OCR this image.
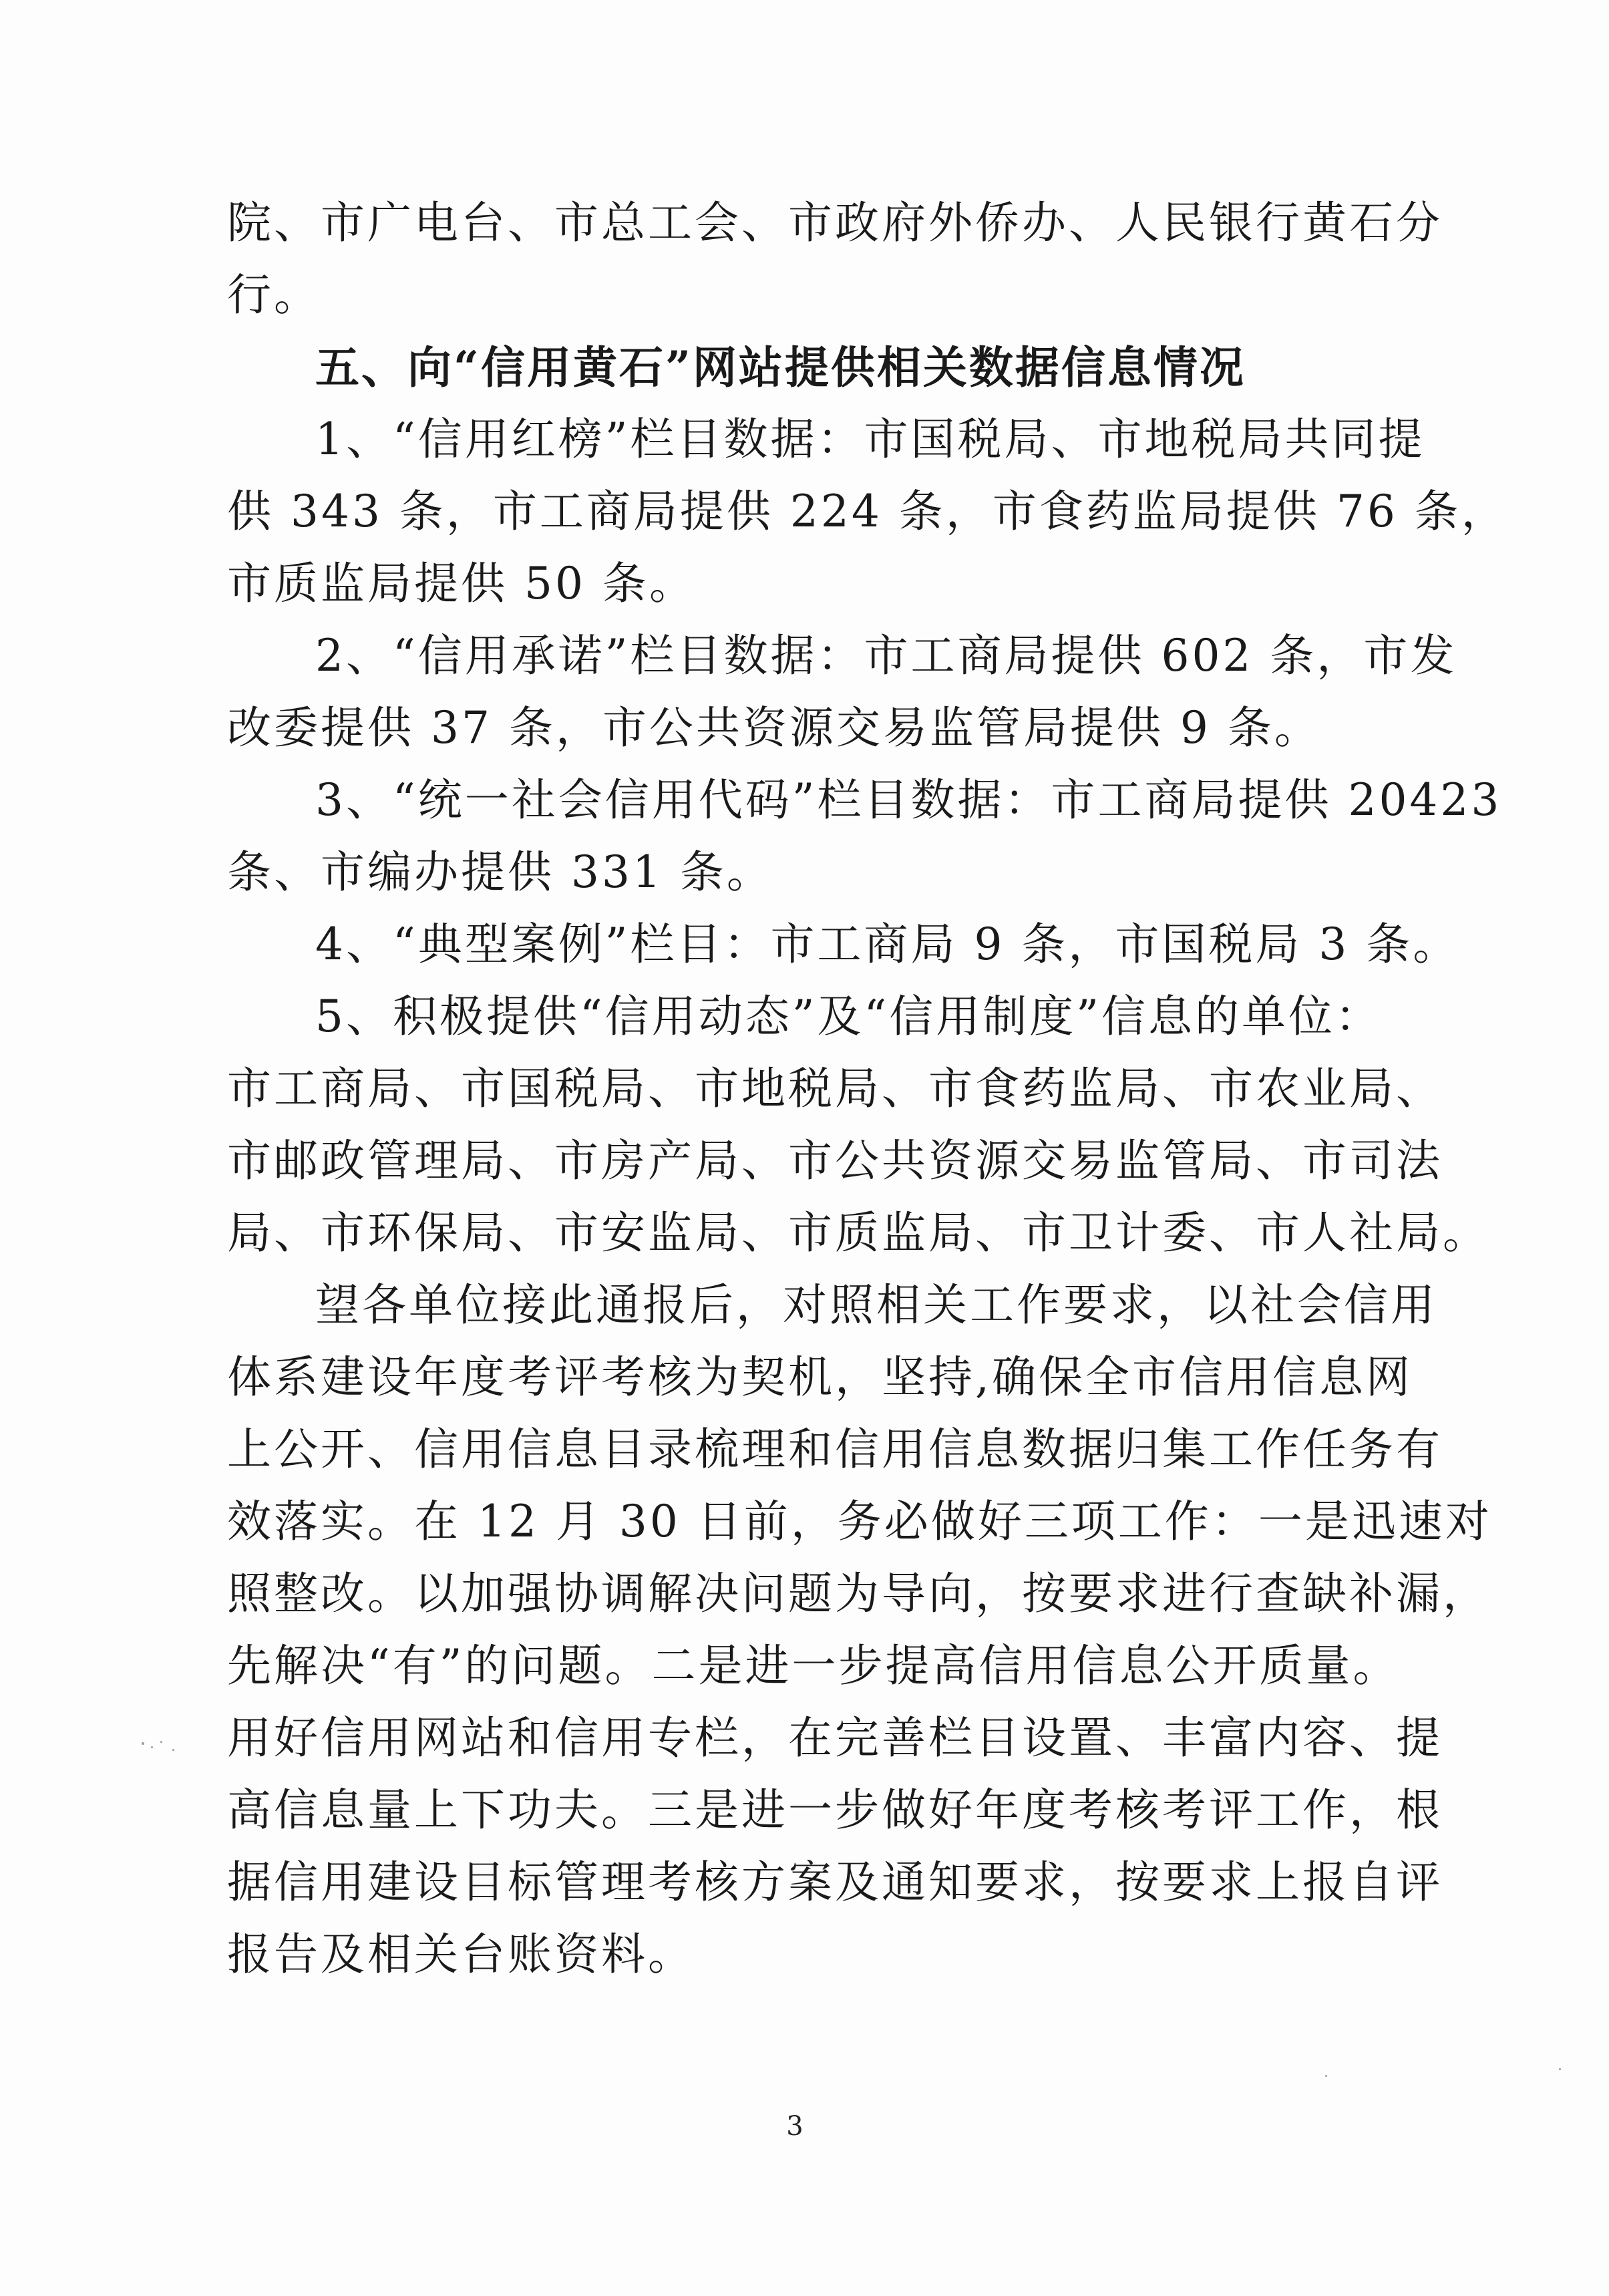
院、市广电台、市总工会、市政府外侨办、人民银行黄石分
行。
五、向“信用黄石”网站提供相关数据信息情况
1、“信用红榜”栏目数据：市国税局、市地税局共同提
供 343 条，市工商局提供 224 条，市食药监局提供 76 条，
市质监局提供 50 条。
2、“信用承诺”栏目数据：市工商局提供 602 条，市发
改委提供 37 条，市公共资源交易监管局提供 9 条。
3、“统一社会信用代码”栏目数据：市工商局提供 20423
条、市编办提供 331 条。
4、“典型案例”栏目：市工商局 9 条，市国税局 3 条。
5、积极提供“信用动态”及“信用制度”信息的单位：
市工商局、市国税局、市地税局、市食药监局、市农业局、
市邮政管理局、市房产局、市公共资源交易监管局、市司法
局、市环保局、市安监局、市质监局、市卫计委、市人社局。
望各单位接此通报后，对照相关工作要求，以社会信用
体系建设年度考评考核为契机，坚持,确保全市信用信息网
上公开、信用信息目录梳理和信用信息数据归集工作任务有
效落实。在 12 月 30 日前，务必做好三项工作：一是迅速对
照整改。以加强协调解决问题为导向，按要求进行查缺补漏，
先解决“有”的问题。二是进一步提高信用信息公开质量。
用好信用网站和信用专栏，在完善栏目设置、丰富内容、提
高信息量上下功夫。三是进一步做好年度考核考评工作，根
据信用建设目标管理考核方案及通知要求，按要求上报自评
报告及相关台账资料。
3
